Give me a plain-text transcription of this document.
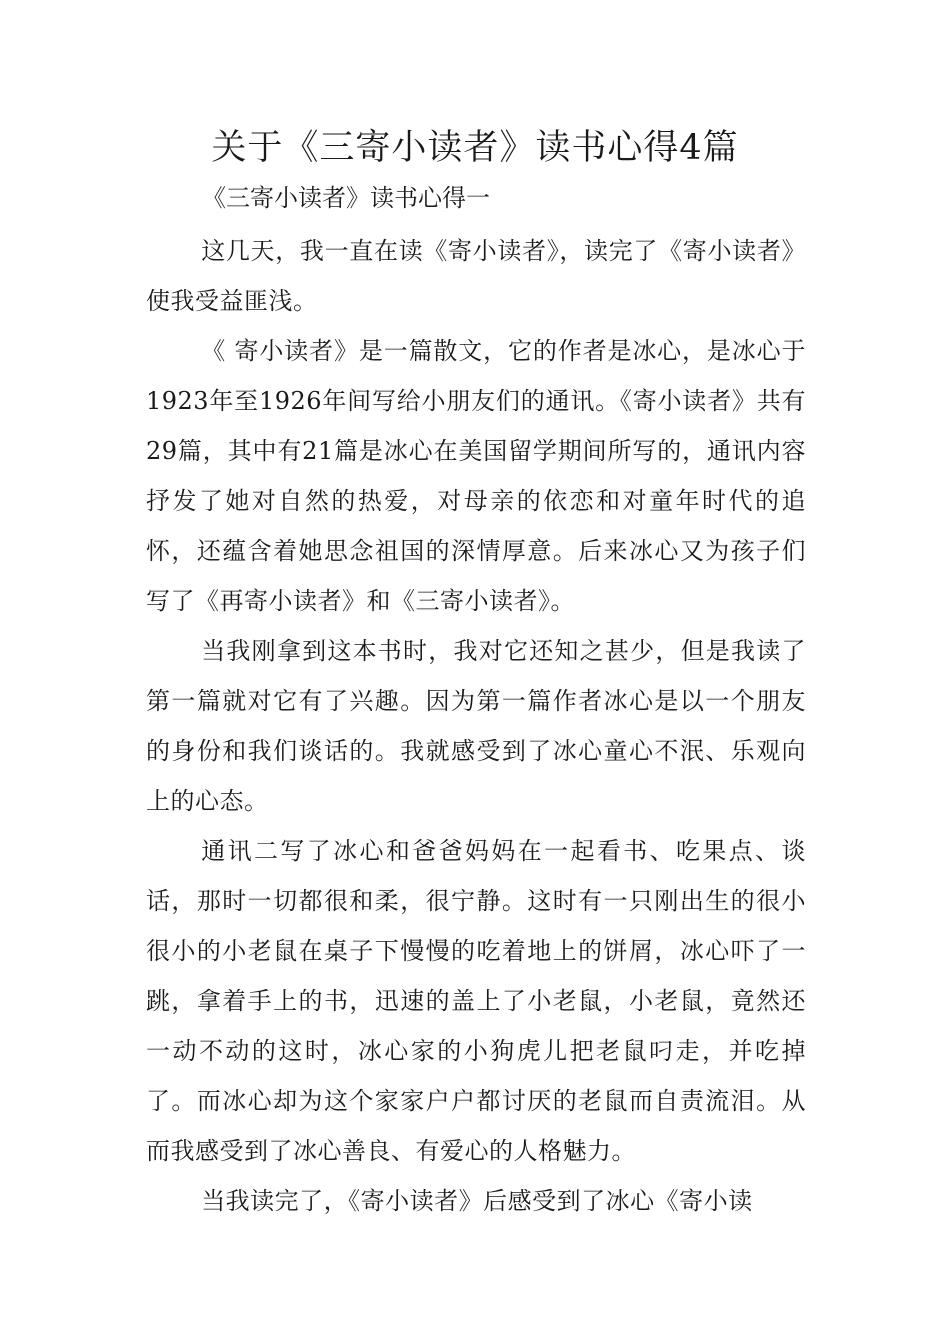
关于《三寄小读者》读书心得4篇

《三寄小读者》读书心得一

这几天，我一直在读《寄小读者》，读完了《寄小读者》使我受益匪浅。

《 寄小读者》是一篇散文，它的作者是冰心，是冰心于1923年至1926年间写给小朋友们的通讯。《寄小读者》共有29篇，其中有21篇是冰心在美国留学期间所写的，通讯内容抒发了她对自然的热爱，对母亲的依恋和对童年时代的追怀，还蕴含着她思念祖国的深情厚意。后来冰心又为孩子们写了《再寄小读者》和《三寄小读者》。

当我刚拿到这本书时，我对它还知之甚少，但是我读了第一篇就对它有了兴趣。因为第一篇作者冰心是以一个朋友的身份和我们谈话的。我就感受到了冰心童心不泯、乐观向上的心态。

通讯二写了冰心和爸爸妈妈在一起看书、吃果点、谈话，那时一切都很和柔，很宁静。这时有一只刚出生的很小很小的小老鼠在桌子下慢慢的吃着地上的饼屑，冰心吓了一跳，拿着手上的书，迅速的盖上了小老鼠，小老鼠，竟然还一动不动的这时，冰心家的小狗虎儿把老鼠叼走，并吃掉了。而冰心却为这个家家户户都讨厌的老鼠而自责流泪。从而我感受到了冰心善良、有爱心的人格魅力。

当我读完了，《寄小读者》后感受到了冰心《寄小读
